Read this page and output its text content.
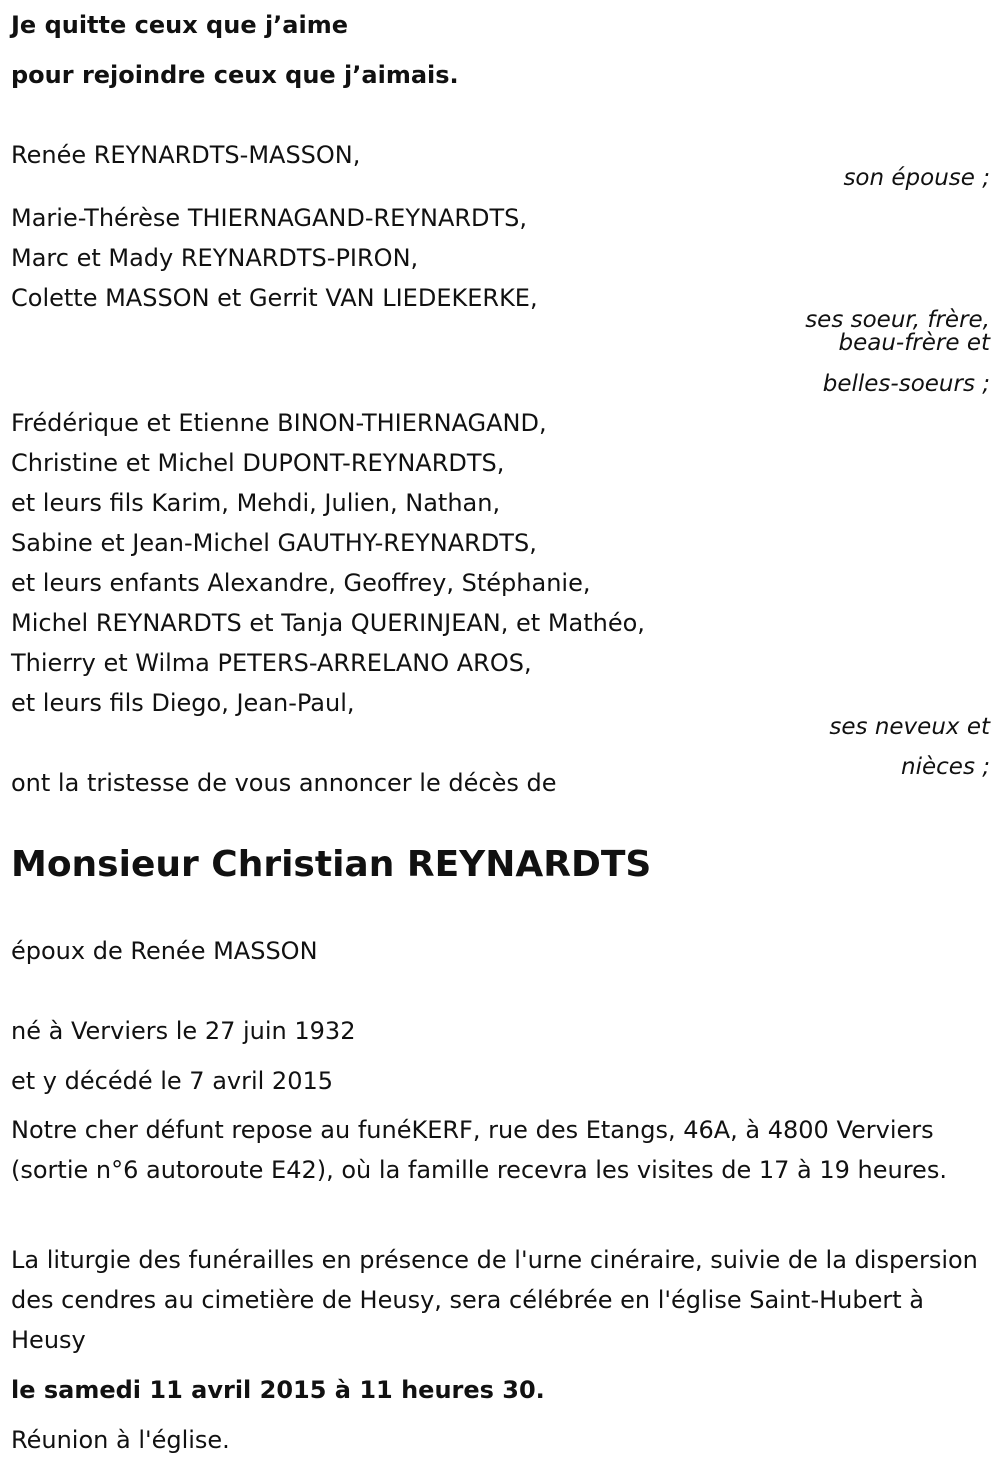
Je quitte ceux que j’aime

pour rejoindre ceux que j’aimais.

Renée REYNARDTS-MASSON,

son épouse ;

Marie-Thérèse THIERNAGAND-REYNARDTS,
Marc et Mady REYNARDTS-PIRON,
Colette MASSON et Gerrit VAN LIEDEKERKE,

ses soeur, frère,

beau-frère et

belles-soeurs ;

Frédérique et Etienne BINON-THIERNAGAND,
Christine et Michel DUPONT-REYNARDTS,
et leurs fils Karim, Mehdi, Julien, Nathan,
Sabine et Jean-Michel GAUTHY-REYNARDTS,
et leurs enfants Alexandre, Geoffrey, Stéphanie,
Michel REYNARDTS et Tanja QUERINJEAN, et Mathéo,
Thierry et Wilma PETERS-ARRELANO AROS,
et leurs fils Diego, Jean-Paul,

ses neveux et

nièces ;

ont la tristesse de vous annoncer le décès de

Monsieur Christian REYNARDTS

époux de Renée MASSON

né à Verviers le 27 juin 1932

et y décédé le 7 avril 2015

Notre cher défunt repose au funéKERF, rue des Etangs, 46A, à 4800 Verviers (sortie n°6 autoroute E42), où la famille recevra les visites de 17 à 19 heures.

La liturgie des funérailles en présence de l'urne cinéraire, suivie de la dispersion des cendres au cimetière de Heusy, sera célébrée en l'église Saint-Hubert à Heusy

le samedi 11 avril 2015 à 11 heures 30.

Réunion à l'église.
